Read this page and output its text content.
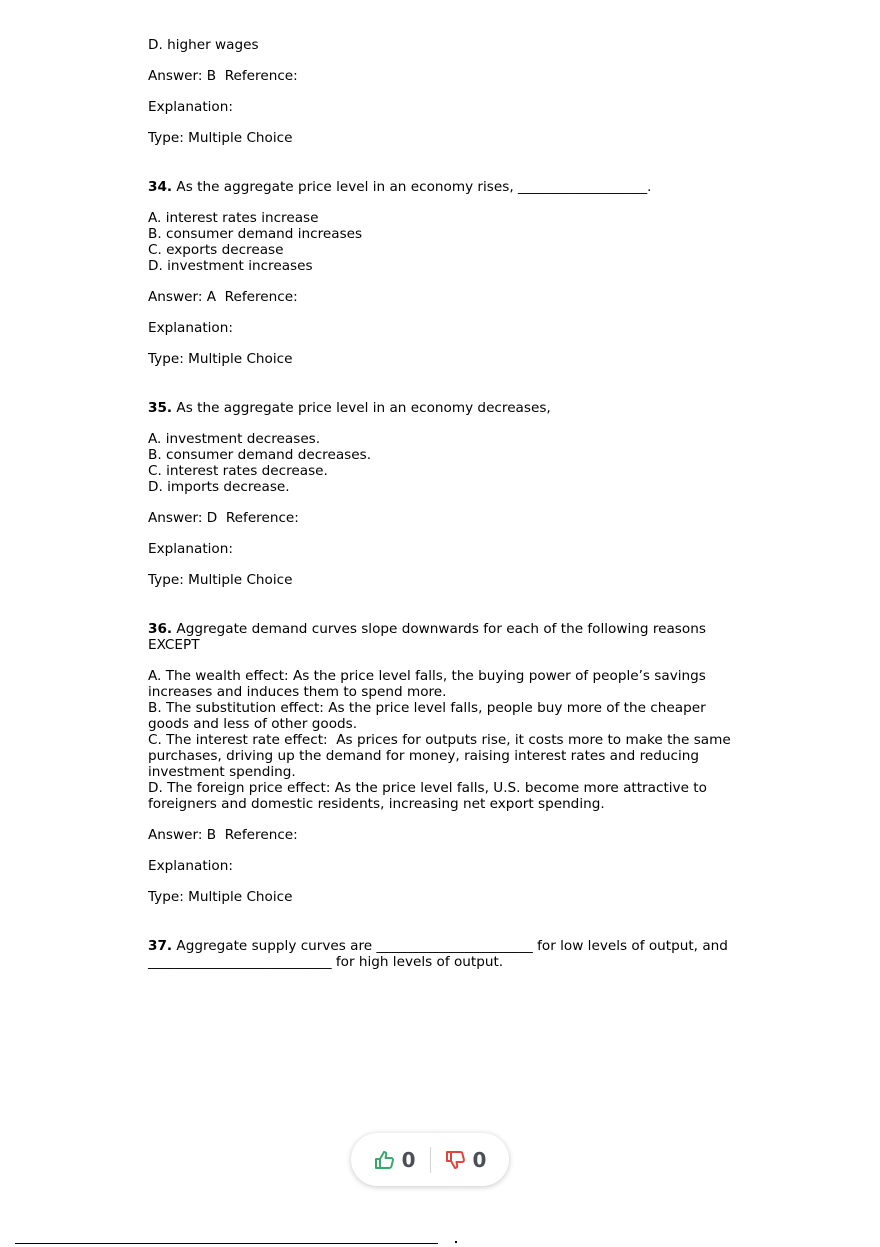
D. higher wages

Answer: B  Reference:

Explanation:

Type: Multiple Choice

34. As the aggregate price level in an economy rises, ___________________.

A. interest rates increase

B. consumer demand increases

C. exports decrease

D. investment increases

Answer: A  Reference:

Explanation:

Type: Multiple Choice

35. As the aggregate price level in an economy decreases,

A. investment decreases.

B. consumer demand decreases.

C. interest rates decrease.

D. imports decrease.

Answer: D  Reference:

Explanation:

Type: Multiple Choice

36. Aggregate demand curves slope downwards for each of the following reasons

EXCEPT

A. The wealth effect: As the price level falls, the buying power of people’s savings

increases and induces them to spend more.

B. The substitution effect: As the price level falls, people buy more of the cheaper

goods and less of other goods.

C. The interest rate effect:  As prices for outputs rise, it costs more to make the same

purchases, driving up the demand for money, raising interest rates and reducing

investment spending.

D. The foreign price effect: As the price level falls, U.S. become more attractive to

foreigners and domestic residents, increasing net export spending.

Answer: B  Reference:

Explanation:

Type: Multiple Choice

37. Aggregate supply curves are _______________________ for low levels of output, and

___________________________ for high levels of output.

0	0
